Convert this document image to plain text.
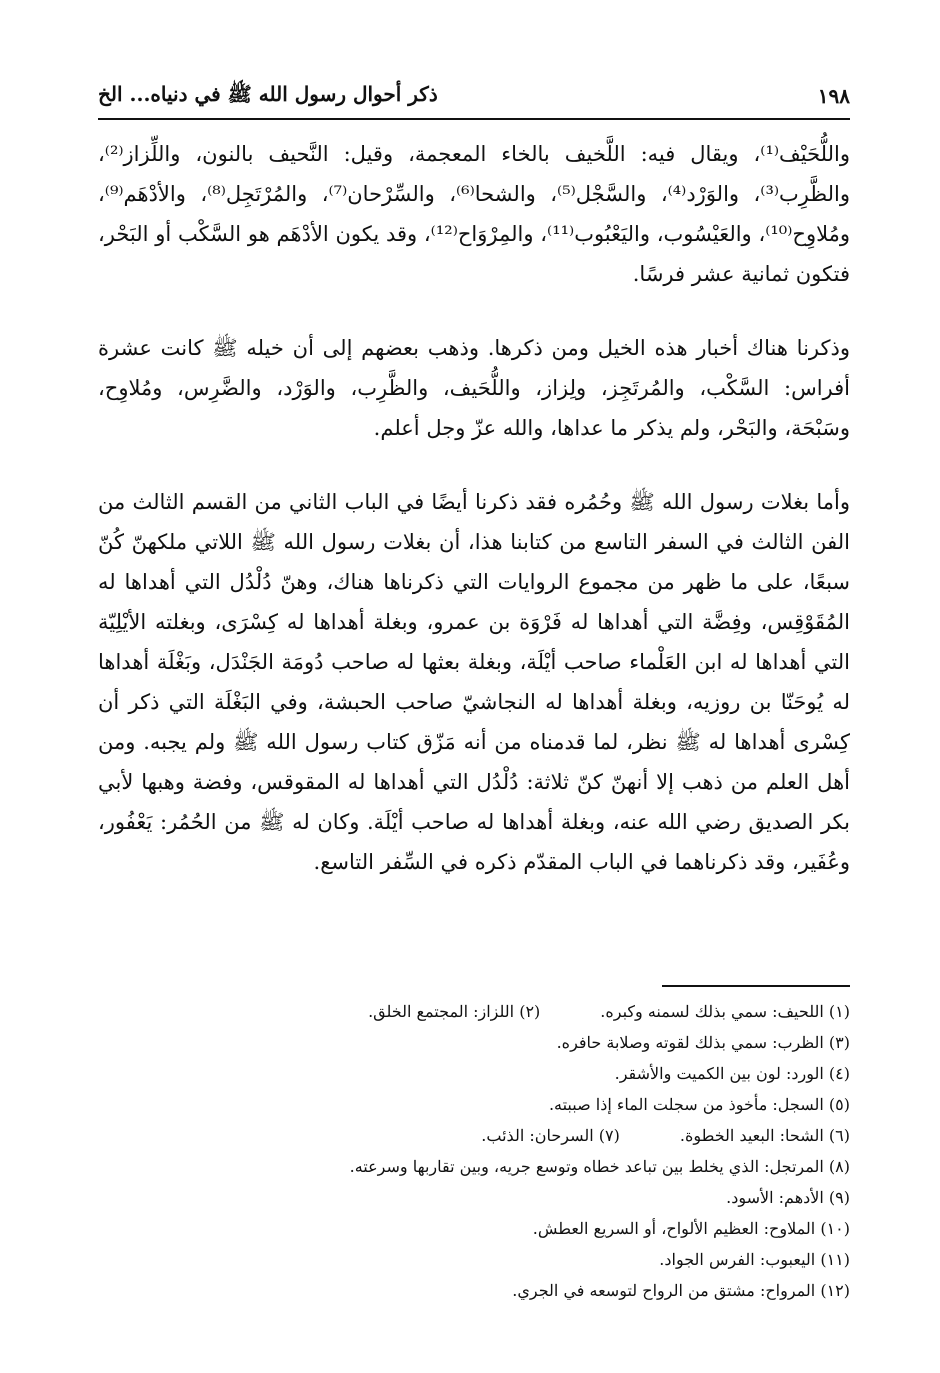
١٩٨
ذكر أحوال رسول الله ﷺ في دنياه... الخ

واللُّحَيْف⁽¹⁾، ويقال فيه: اللَّخيف بالخاء المعجمة، وقيل: النَّحيف بالنون، واللِّزاز⁽²⁾، والظَّرِب⁽³⁾، والوَرْد⁽⁴⁾، والسَّجْل⁽⁵⁾، والشحا⁽⁶⁾، والسِّرْحان⁽⁷⁾، والمُرْتَجِل⁽⁸⁾، والأدْهَم⁽⁹⁾، ومُلاوِح⁽¹⁰⁾، والعَيْسُوب، واليَعْبُوب⁽¹¹⁾، والمِرْوَاح⁽¹²⁾، وقد يكون الأدْهَم هو السَّكْب أو البَحْر، فتكون ثمانية عشر فرسًا.

وذكرنا هناك أخبار هذه الخيل ومن ذكرها. وذهب بعضهم إلى أن خيله ﷺ كانت عشرة أفراس: السَّكْب، والمُرتَجِز، ولِزاز، واللُّحَيف، والظَّرِب، والوَرْد، والضَّرِس، ومُلاوِح، وسَبْحَة، والبَحْر، ولم يذكر ما عداها، والله عزّ وجل أعلم.

وأما بغلات رسول الله ﷺ وحُمُره فقد ذكرنا أيضًا في الباب الثاني من القسم الثالث من الفن الثالث في السفر التاسع من كتابنا هذا، أن بغلات رسول الله ﷺ اللاتي ملكهنّ كُنّ سبعًا، على ما ظهر من مجموع الروايات التي ذكرناها هناك، وهنّ دُلْدُل التي أهداها له المُقَوْقِس، وفِضَّة التي أهداها له فَرْوَة بن عمرو، وبغلة أهداها له كِسْرَى، وبغلته الأيْلِيّة التي أهداها له ابن العَلْماء صاحب أيْلَة، وبغلة بعثها له صاحب دُومَة الجَنْدَل، وبَغْلَة أهداها له يُوحَنّا بن روزيه، وبغلة أهداها له النجاشيّ صاحب الحبشة، وفي البَغْلَة التي ذكر أن كِسْرى أهداها له ﷺ نظر، لما قدمناه من أنه مَزّق كتاب رسول الله ﷺ ولم يجبه. ومن أهل العلم من ذهب إلا أنهنّ كنّ ثلاثة: دُلْدُل التي أهداها له المقوقس، وفضة وهبها لأبي بكر الصديق رضي الله عنه، وبغلة أهداها له صاحب أيْلَة. وكان له ﷺ من الحُمُر: يَعْفُور، وعُفَير، وقد ذكرناهما في الباب المقدّم ذكره في السِّفر التاسع.

(١) اللحيف: سمي بذلك لسمنه وكبره.
(٢) اللزاز: المجتمع الخلق.
(٣) الظرب: سمي بذلك لقوته وصلابة حافره.
(٤) الورد: لون بين الكميت والأشقر.
(٥) السجل: مأخوذ من سجلت الماء إذا صببته.
(٦) الشحا: البعيد الخطوة.
(٧) السرحان: الذئب.
(٨) المرتجل: الذي يخلط بين تباعد خطاه وتوسع جريه، وبين تقاربها وسرعته.
(٩) الأدهم: الأسود.
(١٠) الملاوح: العظيم الألواح، أو السريع العطش.
(١١) اليعبوب: الفرس الجواد.
(١٢) المرواح: مشتق من الرواح لتوسعه في الجري.
